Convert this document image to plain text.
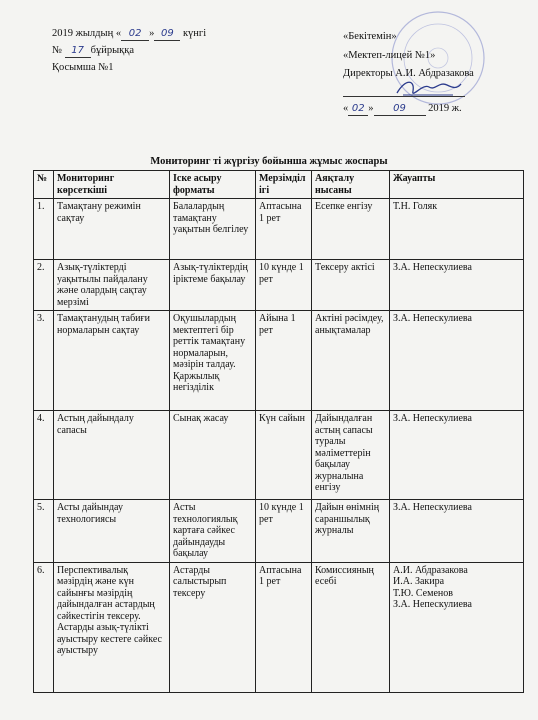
2019 жылдың « 02 » 09 күнгі
№ 17 бұйрыққа
Қосымша №1
«Бекітемін»
«Мектеп-лицей №1»
Директоры А.И. Абдразакова
« 02 » 09 2019 ж.
Мониторинг ті жүргізу бойынша жұмыс жоспары
№	Мониторинг көрсеткіші	Іске асыру форматы	Мерзімділігі	Аяқталу нысаны	Жауапты
1.	Тамақтану режимін сақтау	Балалардың тамақтану уақытын белгілеу	Аптасына 1 рет	Есепке енгізу	Т.Н. Голяк
2.	Азық-түліктерді уақытылы пайдалану және олардың сақтау мерзімі	Азық-түліктердің іріктеме бақылау	10 күнде 1 рет	Тексеру актісі	З.А. Непескулиева
3.	Тамақтанудың табиғи нормаларын сақтау	Оқушылардың мектептегі бір реттік тамақтану нормаларын, мәзірін талдау. Қаржылық негізділік	Айына 1 рет	Актіні рәсімдеу, анықтамалар	З.А. Непескулиева
4.	Астың дайындалу сапасы	Сынақ жасау	Күн сайын	Дайындалған астың сапасы туралы мәліметтерін бақылау журналына енгізу	З.А. Непескулиева
5.	Асты дайындау технологиясы	Асты технологиялық картаға сәйкес дайындауды бақылау	10 күнде 1 рет	Дайын өнімнің сараншылық журналы	З.А. Непескулиева
6.	Перспективалық мәзірдің және күн сайынғы мәзірдің дайындалған астардың сәйкестігін тексеру. Астарды азық-түлікті ауыстыру кестеге сәйкес ауыстыру	Астарды салыстырып тексеру	Аптасына 1 рет	Комиссияның есебі	А.И. Абдразакова
И.А. Закира
Т.Ю. Семенов
З.А. Непескулиева
